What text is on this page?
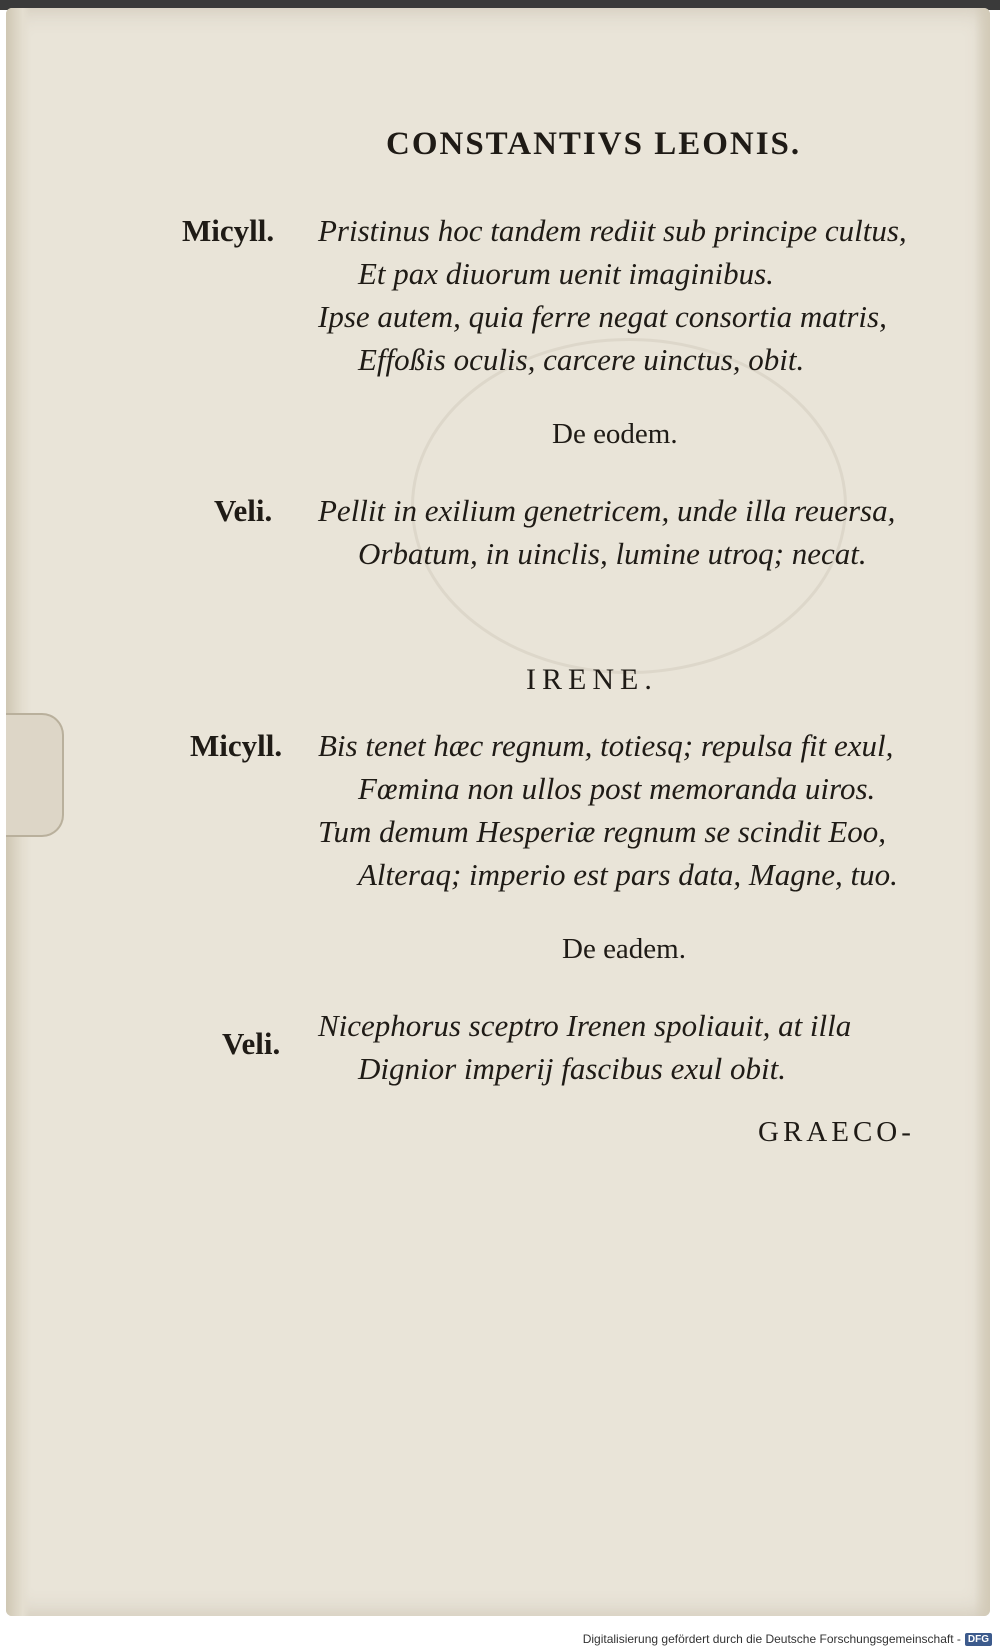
CONSTANTIVS LEONIS.
Micyll. Pristinus hoc tandem rediit sub principe cultus,
Et pax diuorum uenit imaginibus.
Ipse autem, quia ferre negat consortia matris,
Effoßis oculis, carcere uinctus, obit.
De eodem.
Veli. Pellit in exilium genetricem, unde illa reuersa,
Orbatum, in uinclis, lumine utroq; necat.
IRENE.
Micyll. Bis tenet hæc regnum, totiesq; repulsa fit exul,
Fœmina non ullos post memoranda uiros.
Tum demum Hesperiæ regnum se scindit Eoo,
Alteraq; imperio est pars data, Magne, tuo.
De eadem.
Veli.
Nicephorus sceptro Irenen spoliauit, at illa
Dignior imperij fascibus exul obit.
GRAECO-
Digitalisierung gefördert durch die Deutsche Forschungsgemeinschaft - DFG
